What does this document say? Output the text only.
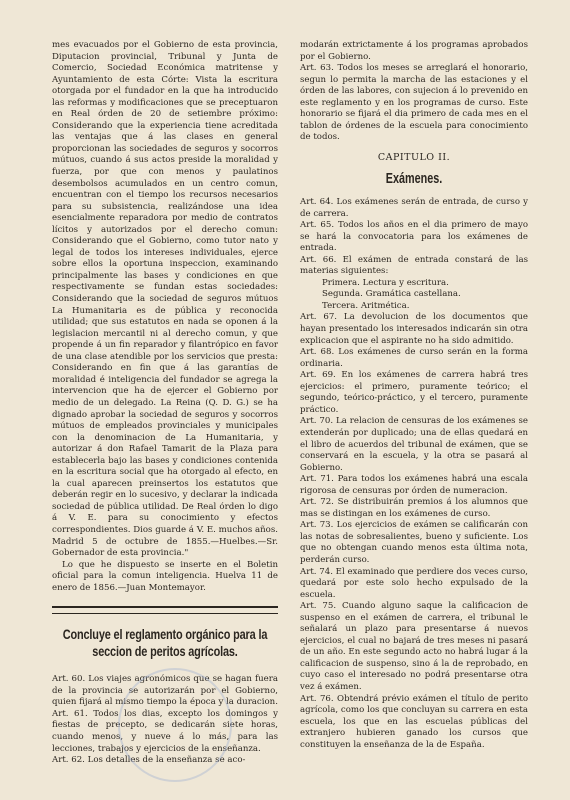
mes evacuados por el Gobierno de esta provincia, Diputacion provincial, Tribunal y Junta de Comercio, Sociedad Económica matritense y Ayuntamiento de esta Córte: Vista la escritura otorgada por el fundador en la que ha introducido las reformas y modificaciones que se preceptuaron en Real órden de 20 de setiembre próximo: Considerando que la experiencia tiene acreditada las ventajas que á las clases en general proporcionan las sociedades de seguros y socorros mútuos, cuando á sus actos preside la moralidad y fuerza, por que con menos y paulatinos desembolsos acumulados en un centro comun, encuentran con el tiempo los recursos necesarios para su subsistencia, realizándose una idea esencialmente reparadora por medio de contratos lícitos y autorizados por el derecho comun: Considerando que el Gobierno, como tutor nato y legal de todos los intereses individuales, ejerce sobre ellos la oportuna inspeccion, examinando principalmente las bases y condiciones en que respectivamente se fundan estas sociedades: Considerando que la sociedad de seguros mútuos La Humanitaria es de pública y reconocida utilidad; que sus estatutos en nada se oponen á la legislacion mercantil ni al derecho comun, y que propende á un fin reparador y filantrópico en favor de una clase atendible por los servicios que presta: Considerando en fin que á las garantías de moralidad é inteligencia del fundador se agrega la intervencion que ha de ejercer el Gobierno por medio de un delegado. La Reina (Q. D. G.) se ha dignado aprobar la sociedad de seguros y socorros mútuos de empleados provinciales y municipales con la denominacion de La Humanitaria, y autorizar á don Rafael Tamarit de la Plaza para establecerla bajo las bases y condiciones contenida en la escritura social que ha otorgado al efecto, en la cual aparecen preinsertos los estatutos que deberán regir en lo sucesivo, y declarar la indicada sociedad de pública utilidad. De Real órden lo digo á V. E. para su conocimiento y efectos correspondientes. Dios guarde á V. E. muchos años. Madrid 5 de octubre de 1855.—Huelbes.—Sr. Gobernador de esta provincia."

Lo que he dispuesto se inserte en el Boletin oficial para la comun inteligencia. Huelva 11 de enero de 1856.—Juan Montemayor.

Concluye el reglamento orgánico para la seccion de peritos agrícolas.

Art. 60. Los viajes agronómicos que se hagan fuera de la provincia se autorizarán por el Gobierno, quien fijará al mismo tiempo la época y la duracion.

Art. 61. Todos los dias, excepto los domingos y fiestas de precepto, se dedicarán siete horas, cuando menos, y nueve á lo más, para las lecciones, trabajos y ejercicios de la enseñanza.

Art. 62. Los detalles de la enseñanza se aco-

modarán extrictamente á los programas aprobados por el Gobierno.

Art. 63. Todos los meses se arreglará el honorario, segun lo permita la marcha de las estaciones y el órden de las labores, con sujecion á lo prevenido en este reglamento y en los programas de curso. Este honorario se fijará el dia primero de cada mes en el tablon de órdenes de la escuela para conocimiento de todos.

CAPITULO II.
Exámenes.

Art. 64. Los exámenes serán de entrada, de curso y de carrera.

Art. 65. Todos los años en el dia primero de mayo se hará la convocatoria para los exámenes de entrada.

Art. 66. El exámen de entrada constará de las materias siguientes:

Primera. Lectura y escritura.
Segunda. Gramática castellana.
Tercera. Aritmética.

Art. 67. La devolucion de los documentos que hayan presentado los interesados indicarán sin otra explicacion que el aspirante no ha sido admitido.

Art. 68. Los exámenes de curso serán en la forma ordinaria.

Art. 69. En los exámenes de carrera habrá tres ejercicios: el primero, puramente teórico; el segundo, teórico-práctico, y el tercero, puramente práctico.

Art. 70. La relacion de censuras de los exámenes se extenderán por duplicado; una de ellas quedará en el libro de acuerdos del tribunal de exámen, que se conservará en la escuela, y la otra se pasará al Gobierno.

Art. 71. Para todos los exámenes habrá una escala rigorosa de censuras por órden de numeracion.

Art. 72. Se distribuirán premios á los alumnos que mas se distingan en los exámenes de curso.

Art. 73. Los ejercicios de exámen se calificarán con las notas de sobresalientes, bueno y suficiente. Los que no obtengan cuando menos esta última nota, perderán curso.

Art. 74. El examinado que perdiere dos veces curso, quedará por este solo hecho expulsado de la escuela.

Art. 75. Cuando alguno saque la calificacion de suspenso en el exámen de carrera, el tribunal le señalará un plazo para presentarse á nuevos ejercicios, el cual no bajará de tres meses ni pasará de un año. En este segundo acto no habrá lugar á la calificacion de suspenso, sino á la de reprobado, en cuyo caso el interesado no podrá presentarse otra vez á exámen.

Art. 76. Obtendrá prévio exámen el título de perito agrícola, como los que concluyan su carrera en esta escuela, los que en las escuelas públicas del extranjero hubieren ganado los cursos que constituyen la enseñanza de la de España.
